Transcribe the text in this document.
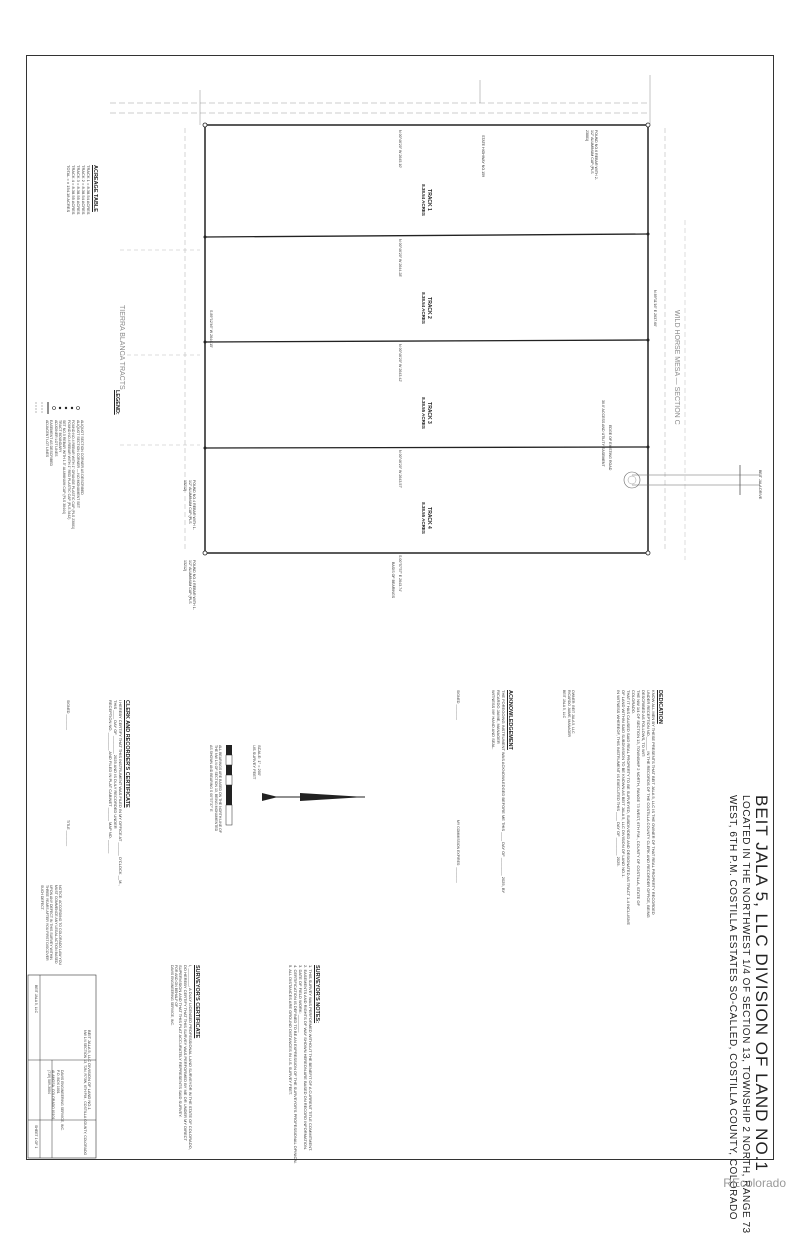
BEIT JALA 5, LLC DIVISION OF LAND NO.1
LOCATED IN THE NORTHWEST 1/4 OF SECTION 13, TOWNSHIP 2 NORTH, RANGE 73
WEST, 6TH P.M. COSTILLA ESTATES SO-CALLED, COSTILLA COUNTY, COLORADO
DEDICATION
KNOW ALL MEN BY THESE PRESENTS THAT BEIT JALA 5, LLC IS THE OWNER OF THAT REAL PROPERTY RECORDED
UNDER RECEPTION NO.______ IN THE RECORDS OF THE COSTILLA COUNTY CLERK AND RECORDER OFFICE, BEING
DESCRIBED AS FOLLOWS, TO WIT:
THE NW 1/4 OF SECTION 13, TOWNSHIP 2 NORTH, RANGE 73 WEST, 6TH P.M., COUNTY OF COSTILLA, STATE OF
COLORADO.
THAT IT HAS CAUSED SAID REAL PROPERTY TO BE SURVEYED, SUBDIVIDED AND DESIGNATED AS TRACT 1-4 INCLUSIVE
OF LAND WITHIN SAID SUBDIVISION TO BE KNOWN AS BEIT JALA 5, LLC DIVISION OF LAND NO.1.
IN WITNESS WHEREOF, THIS INSTRUMENT IS EXECUTED THIS ____ DAY OF ________ 2025.
OWNER: BEIT JALA 5, LLC
RICARDO JAIME, MANAGER
BEIT JALA 5, LLC
ACKNOWLEDGEMENT
THE FOREGOING INSTRUMENT WAS ACKNOWLEDGED BEFORE ME THIS ____ DAY OF ________ 2025, BY
RICARDO JAIME, MANAGER
WITNESS MY HAND AND SEAL.
MY COMMISSION EXPIRES: ________
SIGNED ________
SURVEYOR'S NOTES:
1. THIS SURVEY WAS PERFORMED WITHOUT THE BENEFIT OF A CURRENT TITLE COMMITMENT.
2. EASEMENTS AND RIGHTS OF WAY SHOWN HEREON ARE BASED ON RECORD INFORMATION.
3. DATE OF FIELD WORK: ________
4. CERTIFICATION IS DEFINED TO BE AN EXPRESSION OF THE SURVEYOR'S PROFESSIONAL OPINION.
5. ALL DISTANCES ARE GROUND DISTANCES IN U.S. SURVEY FEET.
SURVEYOR'S CERTIFICATE
I, ________, A DULY LICENSED PROFESSIONAL LAND SURVEYOR IN THE STATE OF COLORADO,
DO HEREBY CERTIFY THAT THIS SURVEY WAS PERFORMED BY ME OR UNDER MY DIRECT
SUPERVISION AND THAT THIS PLAT ACCURATELY REPRESENTS SAID SURVEY.
FOR AND ON BEHALF OF
DAVIS ENGINEERING SERVICE, INC.
SCALE: 1" = 200'
US SURVEY FEET
ALL BEARINGS ARE BASED ON THE NORTH LINE OF THE NW 1/4 OF SECTION 13, BEING MONUMENTED AS SHOWN AND BEARING S 00°57'37" E
CLERK AND RECORDER'S CERTIFICATE
I HEREBY CERTIFY THAT THIS INSTRUMENT WAS FILED IN MY OFFICE AT ______ O'CLOCK __M.,
THIS ____ DAY OF ________ 2025 AND IS DULY RECORDED UNDER
RECEPTION NO. ________ AND FILED IN PLAT CABINET ______ MAP NO. ______
SIGNED ________
TITLE ________
NOTICE: ACCORDING TO COLORADO LAW YOU MUST COMMENCE ANY LEGAL ACTION BASED UPON ANY DEFECT IN THIS SURVEY WITHIN THREE YEARS AFTER YOU FIRST DISCOVER SUCH DEFECT.
BEIT JALA 5, LLC DIVISION OF LAND NO.1
NW 1/4 SECTION 13, T2N, R73W, 6TH P.M., COSTILLA COUNTY, COLORADO
DAVIS ENGINEERING SERVICE, INC.
P.O. BOX 1001
ALAMOSA, COLORADO 81101
(719) 589-3004
BEIT JALA 5, LLC
SHEET 1 OF 1
TRACK 1
8.38.54 ACRES
TRACK 2
8.38.54 ACRES
TRACK 3
8.38.55 ACRES
TRACK 4
8.38.55 ACRES
N 00°46'20" W 2645.10'
N 00°46'20" W 2644.28'
N 00°46'20" W 2643.42'
N 00°46'20" W 2643.57'
S 00°57'37" E 2643.74'
BASIS OF BEARINGS
S 89°12'46" W 2644.15'
N 89°11'16" E 2637.60'
WILD HORSE MESA — SECTION C
TIERRA BLANCA TRACTS
STATE HIGHWAY NO.159
BEIT JALA DRIVE
30.0' ACCESS AND UTILITY EASEMENT EDGE OF EXISTING ROAD
FOUND NO.6 REBAR WITH 2-1/2" ALUMINUM CAP (PLS 23881)
FOUND NO.4 REBAR WITH 1-1/2" ALUMINUM CAP (PLS 13212)
FOUND NO.4 REBAR WITH 1-1/2" ALUMINUM CAP (PLS 13212)
ACREAGE TABLE
TRACK 1 = 8.38.54 ACRES
TRACK 2 = 8.38.54 ACRES
TRACK 3 = 8.38.55 ACRES
TRACK 4 = 8.38.55 ACRES
TOTAL = ± 154.18 ACRES
LEGEND:
ALIQUOT SECTION CORNER AS DESCRIBED
ALIQUOT SECTION CORNER — NO MONUMENT SET
FOUND NO.4 REBAR WITH 1" ORANGE PLASTIC CAP (PLS 23881)
FOUND NO.4 REBAR WITH 1" RED PLASTIC CAP (PLS 3442)
SET NO.5 REBAR WITH 1.5" ALUMINUM CAP (PLS 38444)
TRACT BOUNDARY
ADJOINER LOT LINES
EASEMENT AS DESCRIBED
ADJACENT LOT LINES
REcolorado
